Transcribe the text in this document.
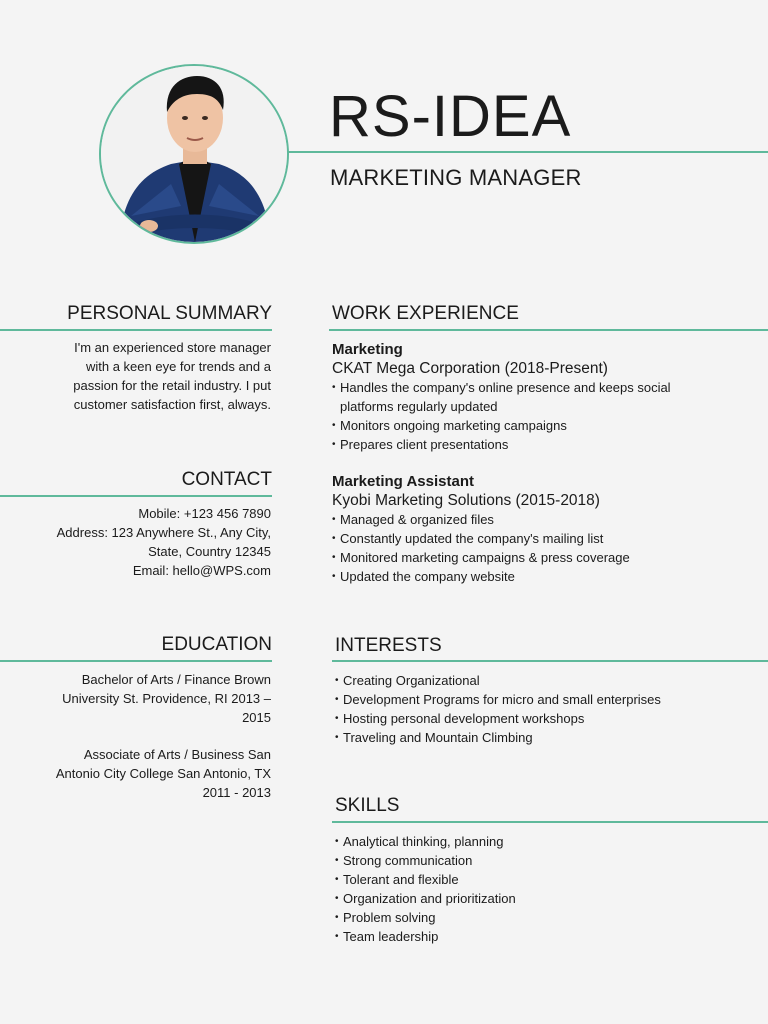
RS-IDEA
MARKETING MANAGER
PERSONAL SUMMARY
I'm an experienced store manager with a keen eye for trends and a passion for the retail industry. I put customer satisfaction first, always.
CONTACT

Mobile: +123 456 7890

Address: 123 Anywhere St., Any City, State, Country 12345

Email: hello@WPS.com

EDUCATION
Bachelor of Arts / Finance Brown University St. Providence, RI 2013 – 2015
Associate of Arts / Business San Antonio City College San Antonio, TX 2011 - 2013
WORK EXPERIENCE
Marketing
CKAT Mega Corporation (2018-Present)
• Handles the company's online presence and keeps social platforms regularly updated
• Monitors ongoing marketing campaigns
• Prepares client presentations
Marketing Assistant
Kyobi Marketing Solutions (2015-2018)
• Managed & organized files
• Constantly updated the company's mailing list
• Monitored marketing campaigns & press coverage
• Updated the company website
INTERESTS
• Creating Organizational
• Development Programs for micro and small enterprises
• Hosting personal development workshops
• Traveling and Mountain Climbing
SKILLS
• Analytical thinking, planning
• Strong communication
• Tolerant and flexible
• Organization and prioritization
• Problem solving
• Team leadership
